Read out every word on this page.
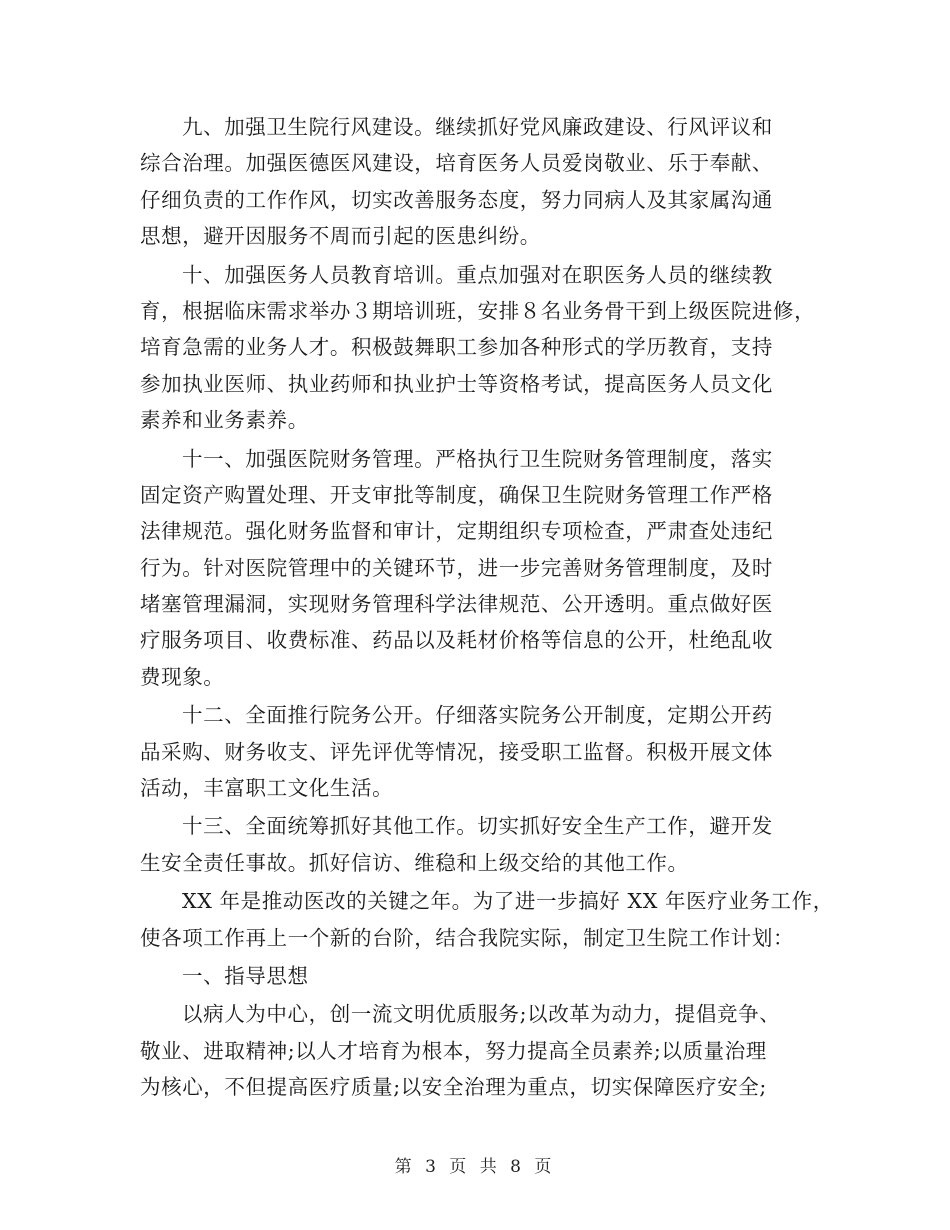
九、加强卫生院行风建设。继续抓好党风廉政建设、行风评议和
综合治理。加强医德医风建设，培育医务人员爱岗敬业、乐于奉献、
仔细负责的工作作风，切实改善服务态度，努力同病人及其家属沟通
思想，避开因服务不周而引起的医患纠纷。
十、加强医务人员教育培训。重点加强对在职医务人员的继续教
育，根据临床需求举办３期培训班，安排８名业务骨干到上级医院进修，
培育急需的业务人才。积极鼓舞职工参加各种形式的学历教育，支持
参加执业医师、执业药师和执业护士等资格考试，提高医务人员文化
素养和业务素养。
十一、加强医院财务管理。严格执行卫生院财务管理制度，落实
固定资产购置处理、开支审批等制度，确保卫生院财务管理工作严格
法律规范。强化财务监督和审计，定期组织专项检查，严肃查处违纪
行为。针对医院管理中的关键环节，进一步完善财务管理制度，及时
堵塞管理漏洞，实现财务管理科学法律规范、公开透明。重点做好医
疗服务项目、收费标准、药品以及耗材价格等信息的公开，杜绝乱收
费现象。
十二、全面推行院务公开。仔细落实院务公开制度，定期公开药
品采购、财务收支、评先评优等情况，接受职工监督。积极开展文体
活动，丰富职工文化生活。
十三、全面统筹抓好其他工作。切实抓好安全生产工作，避开发
生安全责任事故。抓好信访、维稳和上级交给的其他工作。
XX 年是推动医改的关键之年。为了进一步搞好 XX 年医疗业务工作，
使各项工作再上一个新的台阶，结合我院实际，制定卫生院工作计划：
一、指导思想
以病人为中心，创一流文明优质服务;以改革为动力，提倡竞争、
敬业、进取精神;以人才培育为根本，努力提高全员素养;以质量治理
为核心，不但提高医疗质量;以安全治理为重点，切实保障医疗安全;
第 3 页 共 8 页
